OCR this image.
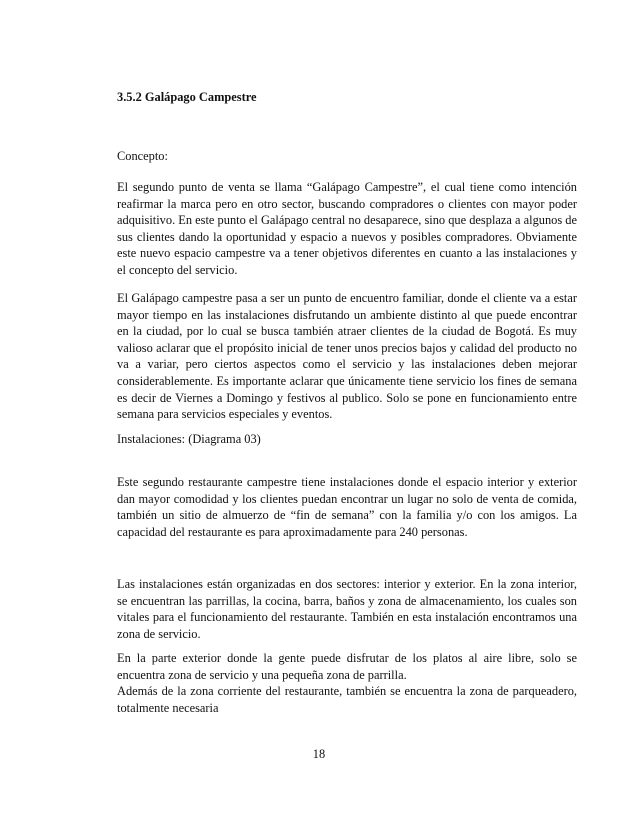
3.5.2 Galápago Campestre

Concepto:

El segundo punto de venta se llama “Galápago Campestre”, el cual tiene como intención reafirmar la marca pero en otro sector, buscando compradores o clientes con mayor poder adquisitivo. En este punto el Galápago central no desaparece, sino que desplaza a algunos de sus clientes dando la oportunidad y espacio a nuevos y posibles compradores. Obviamente este nuevo espacio campestre va a tener objetivos diferentes en cuanto a las instalaciones y el concepto del servicio.

El Galápago campestre pasa a ser un punto de encuentro familiar, donde el cliente va a estar mayor tiempo en las instalaciones disfrutando un ambiente distinto al que puede encontrar en la ciudad, por lo cual se busca también atraer clientes de la ciudad de Bogotá. Es muy valioso aclarar que el propósito inicial de tener unos precios bajos y calidad del producto no va a variar, pero ciertos aspectos como el servicio y las instalaciones deben mejorar considerablemente. Es importante aclarar que únicamente tiene servicio los fines de semana es decir de Viernes a Domingo y festivos al publico. Solo se pone en funcionamiento entre semana para servicios especiales y eventos.

Instalaciones: (Diagrama 03)

Este segundo restaurante campestre tiene instalaciones donde el espacio interior y exterior dan mayor comodidad y los clientes puedan encontrar un lugar no solo de venta de comida, también un sitio de almuerzo de “fin de semana” con la familia y/o con los amigos. La capacidad del restaurante es para aproximadamente para 240 personas.

Las instalaciones están organizadas en dos sectores: interior y exterior. En la zona interior, se encuentran las parrillas, la cocina, barra, baños y zona de almacenamiento, los cuales son vitales para el funcionamiento del restaurante. También en esta instalación encontramos una zona de servicio.

En la parte exterior donde la gente puede disfrutar de los platos al aire libre, solo se encuentra zona de servicio y una pequeña zona de parrilla.

Además de la zona corriente del restaurante, también se encuentra la zona de parqueadero, totalmente necesaria

18
